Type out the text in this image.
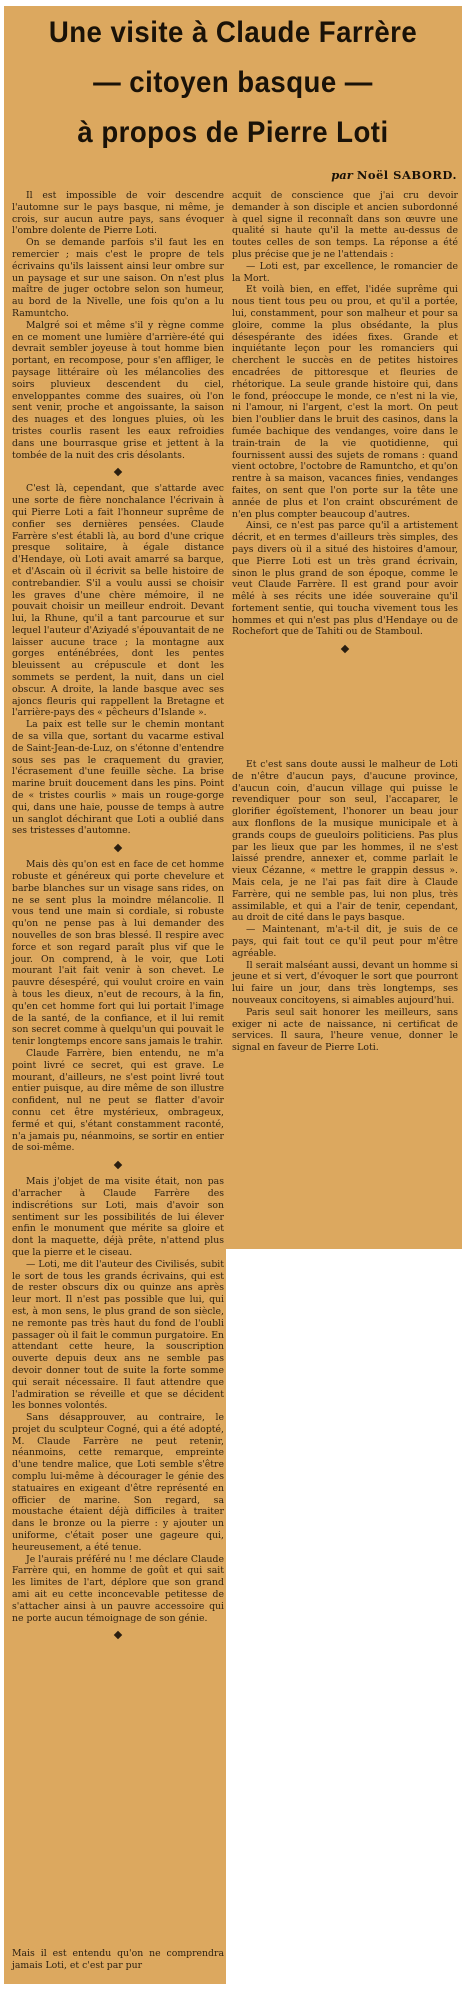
Une visite à Claude Farrère
— citoyen basque —
à propos de Pierre Loti
par Noël SABORD.

Il est impossible de voir descendre l'automne sur le pays basque, ni même, je crois, sur aucun autre pays, sans évoquer l'ombre dolente de Pierre Loti.

On se demande parfois s'il faut les en remercier ; mais c'est le propre de tels écrivains qu'ils laissent ainsi leur ombre sur un paysage et sur une saison. On n'est plus maître de juger octobre selon son humeur, au bord de la Nivelle, une fois qu'on a lu Ramuntcho.

Malgré soi et même s'il y règne comme en ce moment une lumière d'arrière-été qui devrait sembler joyeuse à tout homme bien portant, en recompose, pour s'en affliger, le paysage littéraire où les mélancolies des soirs pluvieux descendent du ciel, enveloppantes comme des suaires, où l'on sent venir, proche et angoissante, la saison des nuages et des longues pluies, où les tristes courlis rasent les eaux refroidies dans une bourrasque grise et jettent à la tombée de la nuit des cris désolants.

C'est là, cependant, que s'attarde avec une sorte de fière nonchalance l'écrivain à qui Pierre Loti a fait l'honneur suprême de confier ses dernières pensées. Claude Farrère s'est établi là, au bord d'une crique presque solitaire, à égale distance d'Hendaye, où Loti avait amarré sa barque, et d'Ascain où il écrivit sa belle histoire de contrebandier. S'il a voulu aussi se choisir les graves d'une chère mémoire, il ne pouvait choisir un meilleur endroit. Devant lui, la Rhune, qu'il a tant parcourue et sur lequel l'auteur d'Aziyadé s'épouvantait de ne laisser aucune trace ; la montagne aux gorges enténébrées, dont les pentes bleuissent au crépuscule et dont les sommets se perdent, la nuit, dans un ciel obscur. A droite, la lande basque avec ses ajoncs fleuris qui rappellent la Bretagne et l'arrière-pays des « pêcheurs d'Islande ».

La paix est telle sur le chemin montant de sa villa que, sortant du vacarme estival de Saint-Jean-de-Luz, on s'étonne d'entendre sous ses pas le craquement du gravier, l'écrasement d'une feuille sèche. La brise marine bruit doucement dans les pins. Point de « tristes courlis » mais un rouge-gorge qui, dans une haie, pousse de temps à autre un sanglot déchirant que Loti a oublié dans ses tristesses d'automne.

Mais dès qu'on est en face de cet homme robuste et généreux qui porte chevelure et barbe blanches sur un visage sans rides, on ne se sent plus la moindre mélancolie. Il vous tend une main si cordiale, si robuste qu'on ne pense pas à lui demander des nouvelles de son bras blessé. Il respire avec force et son regard paraît plus vif que le jour. On comprend, à le voir, que Loti mourant l'ait fait venir à son chevet. Le pauvre désespéré, qui voulut croire en vain à tous les dieux, n'eut de recours, à la fin, qu'en cet homme fort qui lui portait l'image de la santé, de la confiance, et il lui remit son secret comme à quelqu'un qui pouvait le tenir longtemps encore sans jamais le trahir.

Claude Farrère, bien entendu, ne m'a point livré ce secret, qui est grave. Le mourant, d'ailleurs, ne s'est point livré tout entier puisque, au dire même de son illustre confident, nul ne peut se flatter d'avoir connu cet être mystérieux, ombrageux, fermé et qui, s'étant constamment raconté, n'a jamais pu, néanmoins, se sortir en entier de soi-même.

Mais j'objet de ma visite était, non pas d'arracher à Claude Farrère des indiscrétions sur Loti, mais d'avoir son sentiment sur les possibilités de lui élever enfin le monument que mérite sa gloire et dont la maquette, déjà prête, n'attend plus que la pierre et le ciseau.

— Loti, me dit l'auteur des Civilisés, subit le sort de tous les grands écrivains, qui est de rester obscurs dix ou quinze ans après leur mort. Il n'est pas possible que lui, qui est, à mon sens, le plus grand de son siècle, ne remonte pas très haut du fond de l'oubli passager où il fait le commun purgatoire. En attendant cette heure, la souscription ouverte depuis deux ans ne semble pas devoir donner tout de suite la forte somme qui serait nécessaire. Il faut attendre que l'admiration se réveille et que se décident les bonnes volontés.

Sans désapprouver, au contraire, le projet du sculpteur Cogné, qui a été adopté, M. Claude Farrère ne peut retenir, néanmoins, cette remarque, empreinte d'une tendre malice, que Loti semble s'être complu lui-même à décourager le génie des statuaires en exigeant d'être représenté en officier de marine. Son regard, sa moustache étaient déjà difficiles à traiter dans le bronze ou la pierre : y ajouter un uniforme, c'était poser une gageure qui, heureusement, a été tenue.

Je l'aurais préféré nu ! me déclare Claude Farrère qui, en homme de goût et qui sait les limites de l'art, déplore que son grand ami ait eu cette inconcevable petitesse de s'attacher ainsi à un pauvre accessoire qui ne porte aucun témoignage de son génie.

Mais il est entendu qu'on ne comprendra jamais Loti, et c'est par pur

acquit de conscience que j'ai cru devoir demander à son disciple et ancien subordonné à quel signe il reconnaît dans son œuvre une qualité si haute qu'il la mette au-dessus de toutes celles de son temps. La réponse a été plus précise que je ne l'attendais :

— Loti est, par excellence, le romancier de la Mort.

Et voilà bien, en effet, l'idée suprême qui nous tient tous peu ou prou, et qu'il a portée, lui, constamment, pour son malheur et pour sa gloire, comme la plus obsédante, la plus désespérante des idées fixes. Grande et inquiétante leçon pour les romanciers qui cherchent le succès en de petites histoires encadrées de pittoresque et fleuries de rhétorique. La seule grande histoire qui, dans le fond, préoccupe le monde, ce n'est ni la vie, ni l'amour, ni l'argent, c'est la mort. On peut bien l'oublier dans le bruit des casinos, dans la fumée bachique des vendanges, voire dans le train-train de la vie quotidienne, qui fournissent aussi des sujets de romans : quand vient octobre, l'octobre de Ramuntcho, et qu'on rentre à sa maison, vacances finies, vendanges faites, on sent que l'on porte sur la tête une année de plus et l'on craint obscurément de n'en plus compter beaucoup d'autres.

Ainsi, ce n'est pas parce qu'il a artistement décrit, et en termes d'ailleurs très simples, des pays divers où il a situé des histoires d'amour, que Pierre Loti est un très grand écrivain, sinon le plus grand de son époque, comme le veut Claude Farrère. Il est grand pour avoir mêlé à ses récits une idée souveraine qu'il fortement sentie, qui toucha vivement tous les hommes et qui n'est pas plus d'Hendaye ou de Rochefort que de Tahiti ou de Stamboul.

Et c'est sans doute aussi le malheur de Loti de n'être d'aucun pays, d'aucune province, d'aucun coin, d'aucun village qui puisse le revendiquer pour son seul, l'accaparer, le glorifier égoïstement, l'honorer un beau jour aux flonflons de la musique municipale et à grands coups de gueuloirs politiciens. Pas plus par les lieux que par les hommes, il ne s'est laissé prendre, annexer et, comme parlait le vieux Cézanne, « mettre le grappin dessus ». Mais cela, je ne l'ai pas fait dire à Claude Farrère, qui ne semble pas, lui non plus, très assimilable, et qui a l'air de tenir, cependant, au droit de cité dans le pays basque.

— Maintenant, m'a-t-il dit, je suis de ce pays, qui fait tout ce qu'il peut pour m'être agréable.

Il serait malséant aussi, devant un homme si jeune et si vert, d'évoquer le sort que pourront lui faire un jour, dans très longtemps, ses nouveaux concitoyens, si aimables aujourd'hui.

Paris seul sait honorer les meilleurs, sans exiger ni acte de naissance, ni certificat de services. Il saura, l'heure venue, donner le signal en faveur de Pierre Loti.
